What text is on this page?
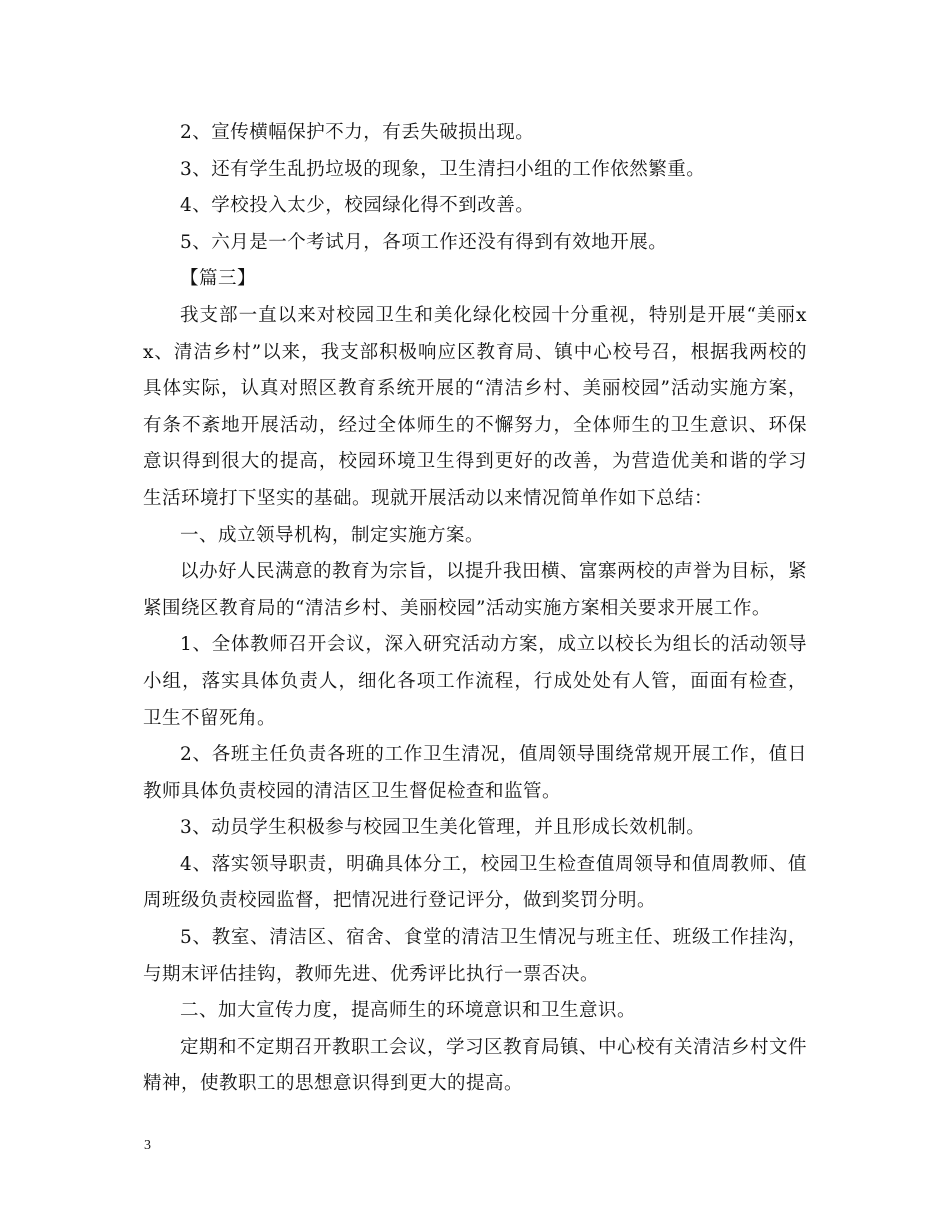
2、宣传横幅保护不力，有丢失破损出现。

3、还有学生乱扔垃圾的现象，卫生清扫小组的工作依然繁重。

4、学校投入太少，校园绿化得不到改善。

5、六月是一个考试月，各项工作还没有得到有效地开展。

【篇三】

我支部一直以来对校园卫生和美化绿化校园十分重视，特别是开展“美丽xx、清洁乡村”以来，我支部积极响应区教育局、镇中心校号召，根据我两校的具体实际，认真对照区教育系统开展的“清洁乡村、美丽校园”活动实施方案，有条不紊地开展活动，经过全体师生的不懈努力，全体师生的卫生意识、环保意识得到很大的提高，校园环境卫生得到更好的改善，为营造优美和谐的学习生活环境打下坚实的基础。现就开展活动以来情况简单作如下总结：

一、成立领导机构，制定实施方案。

以办好人民满意的教育为宗旨，以提升我田横、富寨两校的声誉为目标，紧紧围绕区教育局的“清洁乡村、美丽校园”活动实施方案相关要求开展工作。

1、全体教师召开会议，深入研究活动方案，成立以校长为组长的活动领导小组，落实具体负责人，细化各项工作流程，行成处处有人管，面面有检查，卫生不留死角。

2、各班主任负责各班的工作卫生清况，值周领导围绕常规开展工作，值日教师具体负责校园的清洁区卫生督促检查和监管。

3、动员学生积极参与校园卫生美化管理，并且形成长效机制。

4、落实领导职责，明确具体分工，校园卫生检查值周领导和值周教师、值周班级负责校园监督，把情况进行登记评分，做到奖罚分明。

5、教室、清洁区、宿舍、食堂的清洁卫生情况与班主任、班级工作挂沟，与期末评估挂钩，教师先进、优秀评比执行一票否决。

二、加大宣传力度，提高师生的环境意识和卫生意识。

定期和不定期召开教职工会议，学习区教育局镇、中心校有关清洁乡村文件精神，使教职工的思想意识得到更大的提高。

3
